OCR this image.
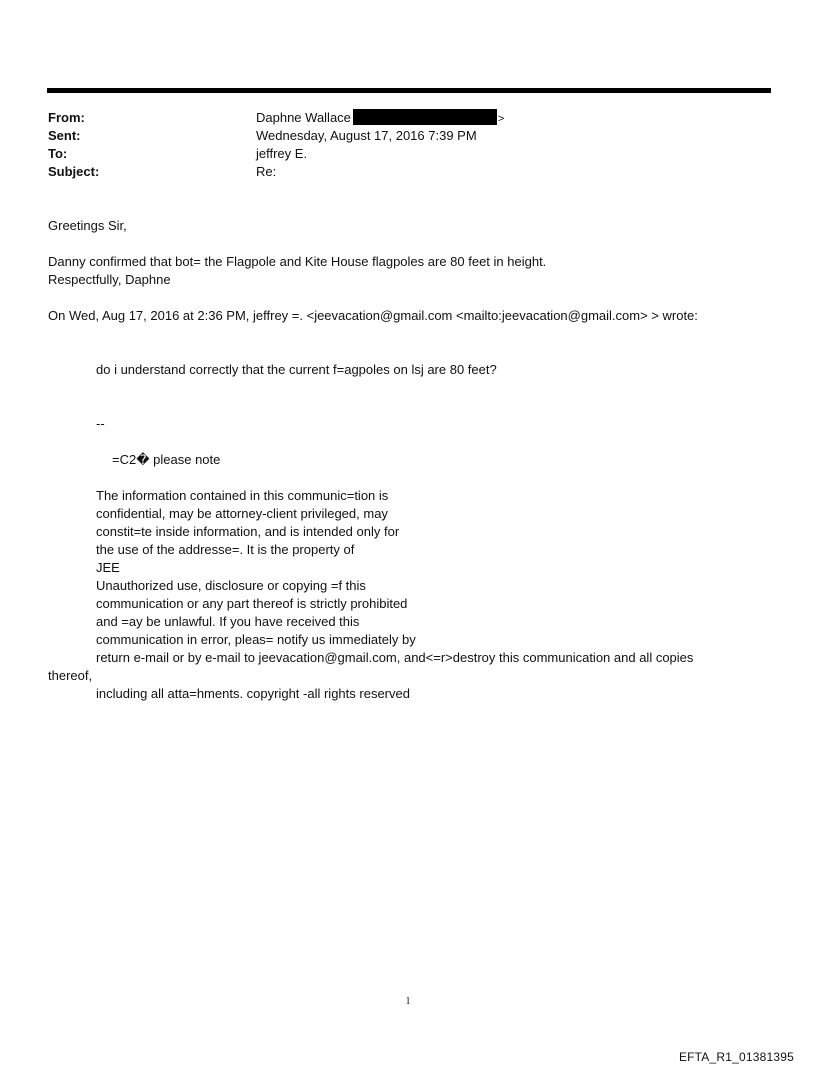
From:	Daphne Wallace	>
Sent:	Wednesday, August 17, 2016 7:39 PM
To:	jeffrey E.
Subject:	Re:
Greetings Sir,
Danny confirmed that bot= the Flagpole and Kite House flagpoles are 80 feet in height.
Respectfully, Daphne
On Wed, Aug 17, 2016 at 2:36 PM, jeffrey =. <jeevacation@gmail.com <mailto:jeevacation@gmail.com> > wrote:
do i understand correctly that the current f=agpoles on lsj are 80 feet?
--
=C2� please note
The information contained in this communic=tion is
confidential, may be attorney-client privileged, may
constit=te inside information, and is intended only for
the use of the addresse=. It is the property of
JEE
Unauthorized use, disclosure or copying =f this
communication or any part thereof is strictly prohibited
and =ay be unlawful. If you have received this
communication in error, pleas= notify us immediately by
return e-mail or by e-mail to jeevacation@gmail.com, and<=r>destroy this communication and all copies
thereof,
including all atta=hments. copyright -all rights reserved
1
EFTA_R1_01381395
